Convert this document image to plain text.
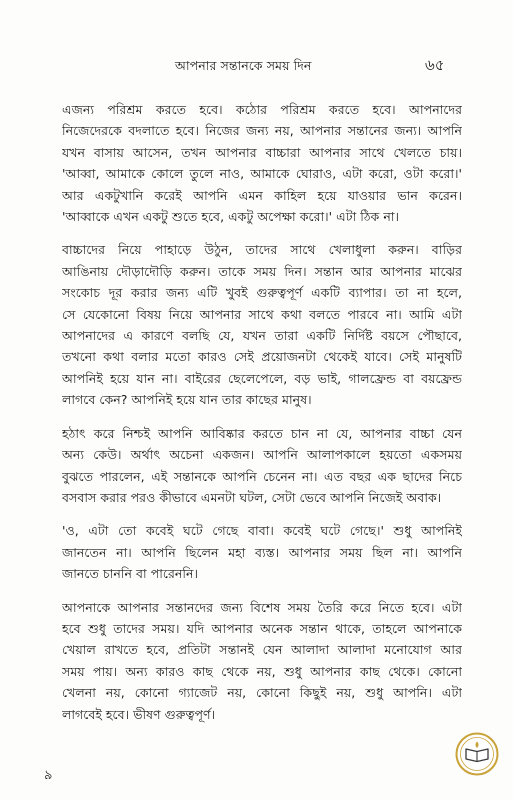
আপনার সন্তানকে সময় দিন	৬৫

এজন্য পরিশ্রম করতে হবে। কঠোর পরিশ্রম করতে হবে। আপনাদের
নিজেদেরকে বদলাতে হবে। নিজের জন্য নয়, আপনার সন্তানের জন্য। আপনি
যখন বাসায় আসেন, তখন আপনার বাচ্চারা আপনার সাথে খেলতে চায়।
'আব্বা, আমাকে কোলে তুলে নাও, আমাকে ঘোরাও, এটা করো, ওটা করো।'
আর একটুখানি করেই আপনি এমন কাহিল হয়ে যাওয়ার ভান করেন।
'আব্বাকে এখন একটু শুতে হবে, একটু অপেক্ষা করো।' এটা ঠিক না।

বাচ্চাদের নিয়ে পাহাড়ে উঠুন, তাদের সাথে খেলাধুলা করুন। বাড়ির
আঙিনায় দৌড়াদৌড়ি করুন। তাকে সময় দিন। সন্তান আর আপনার মাঝের
সংকোচ দূর করার জন্য এটি খুবই গুরুত্বপূর্ণ একটি ব্যাপার। তা না হলে,
সে যেকোনো বিষয় নিয়ে আপনার সাথে কথা বলতে পারবে না। আমি এটা
আপনাদের এ কারণে বলছি যে, যখন তারা একটি নির্দিষ্ট বয়সে পৌছাবে,
তখনো কথা বলার মতো কারও সেই প্রয়োজনটা থেকেই যাবে। সেই মানুষটি
আপনিই হয়ে যান না। বাইরের ছেলেপেলে, বড় ভাই, গালফ্রেন্ড বা বয়ফ্রেন্ড
লাগবে কেন? আপনিই হয়ে যান তার কাছের মানুষ।

হঠাৎ করে নিশ্চই আপনি আবিষ্কার করতে চান না যে, আপনার বাচ্চা যেন
অন্য কেউ। অর্থাৎ অচেনা একজন। আপনি আলাপকালে হয়তো একসময়
বুঝতে পারলেন, এই সন্তানকে আপনি চেনেন না। এত বছর এক ছাদের নিচে
বসবাস করার পরও কীভাবে এমনটা ঘটল, সেটা ভেবে আপনি নিজেই অবাক।

'ও, এটা তো কবেই ঘটে গেছে বাবা। কবেই ঘটে গেছে।' শুধু আপনিই
জানতেন না। আপনি ছিলেন মহা ব্যস্ত। আপনার সময় ছিল না। আপনি
জানতে চাননি বা পারেননি।

আপনাকে আপনার সন্তানদের জন্য বিশেষ সময় তৈরি করে নিতে হবে। এটা
হবে শুধু তাদের সময়। যদি আপনার অনেক সন্তান থাকে, তাহলে আপনাকে
খেয়াল রাখতে হবে, প্রতিটা সন্তানই যেন আলাদা আলাদা মনোযোগ আর
সময় পায়। অন্য কারও কাছ থেকে নয়, শুধু আপনার কাছ থেকে। কোনো
খেলনা নয়, কোনো গ্যাজেট নয়, কোনো কিছুই নয়, শুধু আপনি। এটা
লাগবেই হবে। ভীষণ গুরুত্বপূর্ণ।

৯
